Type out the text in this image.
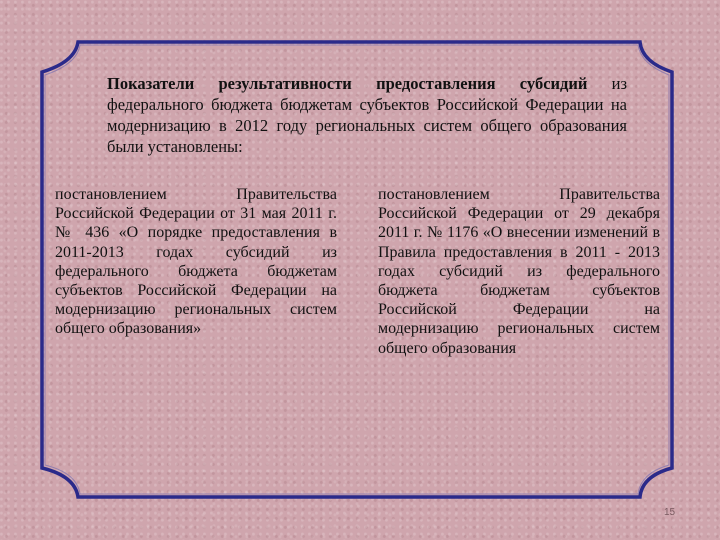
Показатели результативности предоставления субсидий из федерального бюджета бюджетам субъектов Российской Федерации на модернизацию в 2012 году региональных систем общего образования были установлены:

постановлением Правительства Российской Федерации от 31 мая 2011 г. № 436 «О порядке предоставления в 2011-2013 годах субсидий из федерального бюджета бюджетам субъектов Российской Федерации на модернизацию региональных систем общего образования»

постановлением Правительства Российской Федерации от 29 декабря 2011 г. № 1176 «О внесении изменений в Правила предоставления в 2011 - 2013 годах субсидий из федерального бюджета бюджетам субъектов Российской Федерации на модернизацию региональных систем общего образования

15
